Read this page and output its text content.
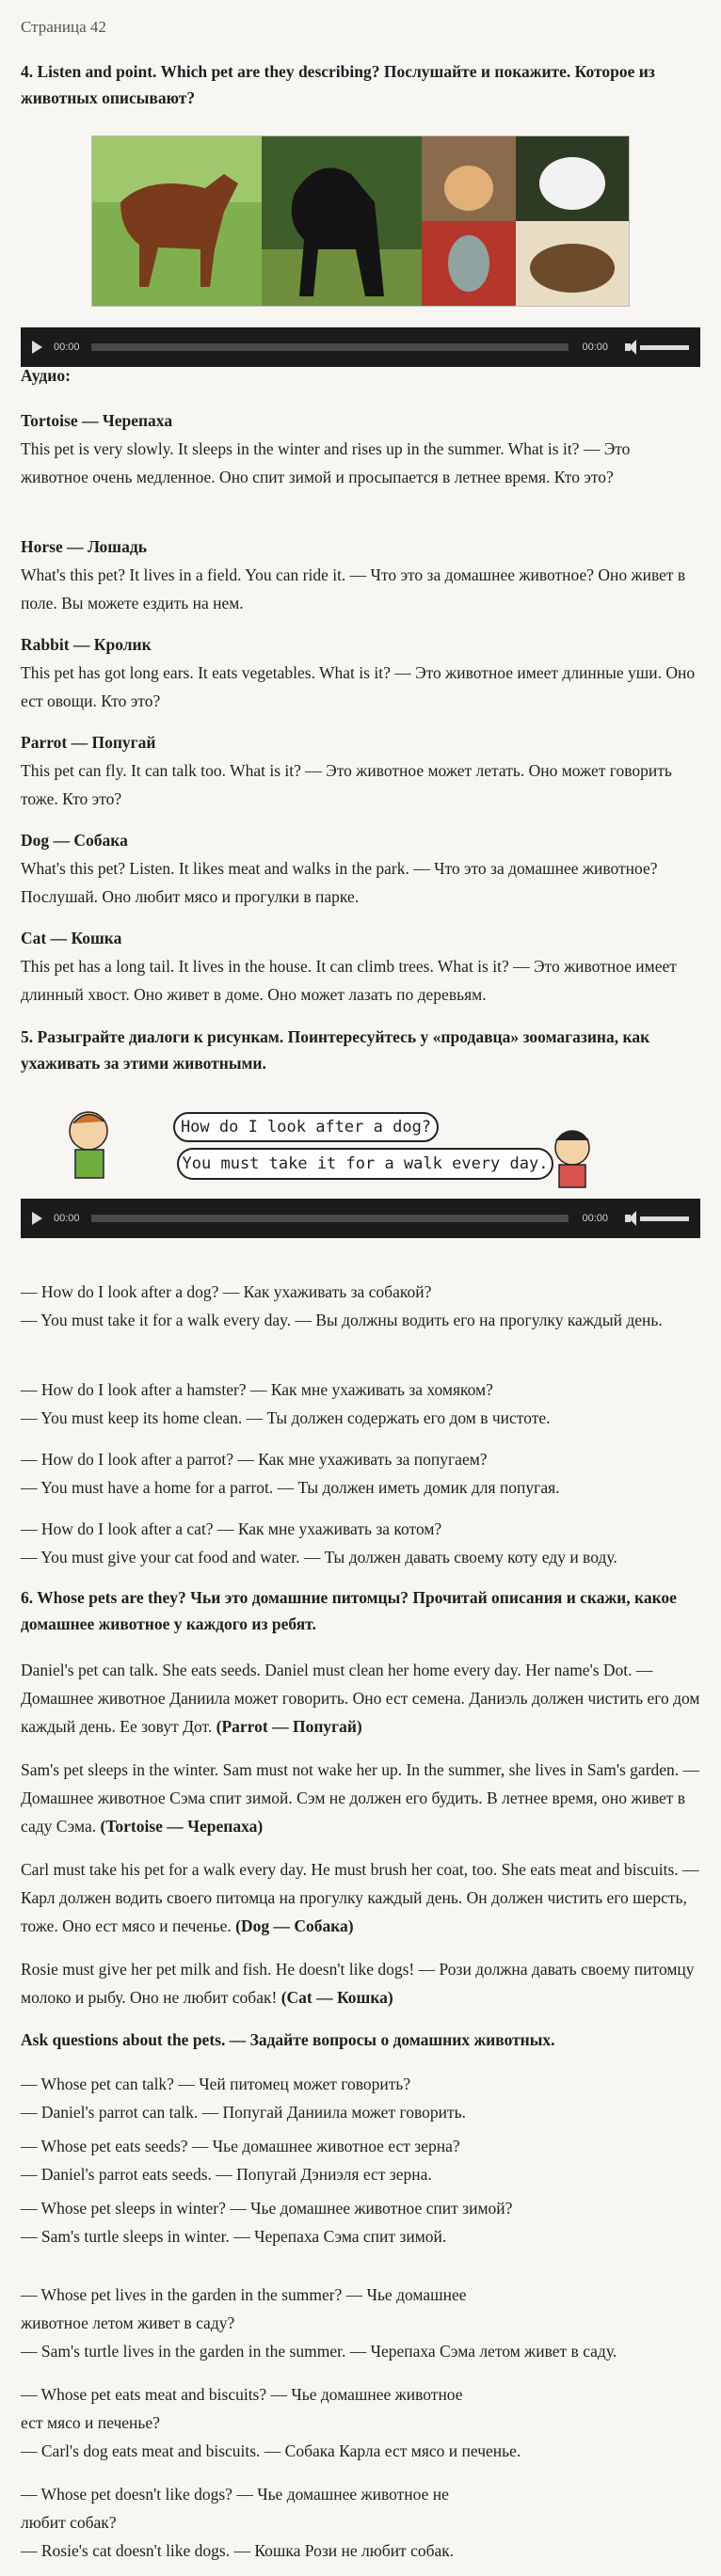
Страница 42
4. Listen and point. Which pet are they describing? Послушайте и покажите. Которое из животных описывают?
00:00	00:00

Аудио:

Tortoise — Черепаха

This pet is very slowly. It sleeps in the winter and rises up in the summer. What is it? — Это животное очень медленное. Оно спит зимой и просыпается в летнее время. Кто это?

Horse — Лошадь

What's this pet? It lives in a field. You can ride it. — Что это за домашнее животное? Оно живет в поле. Вы можете ездить на нем.

Rabbit — Кролик

This pet has got long ears. It eats vegetables. What is it? — Это животное имеет длинные уши. Оно ест овощи. Кто это?

Parrot — Попугай

This pet can fly. It can talk too. What is it? — Это животное может летать. Оно может говорить тоже. Кто это?

Dog — Собака

What's this pet? Listen. It likes meat and walks in the park. — Что это за домашнее животное? Послушай. Оно любит мясо и прогулки в парке.

Cat — Кошка

This pet has a long tail. It lives in the house. It can climb trees. What is it? — Это животное имеет длинный хвост. Оно живет в доме. Оно может лазать по деревьям.

5. Разыграйте диалоги к рисункам. Поинтересуйтесь у «продавца» зоомагазина, как ухаживать за этими животными.
How do I look after a dog?
You must take it for a walk every day.
00:00	00:00

— How do I look after a dog? — Как ухаживать за собакой?

— You must take it for a walk every day. — Вы должны водить его на прогулку каждый день.

— How do I look after a hamster? — Как мне ухаживать за хомяком?

— You must keep its home clean. — Ты должен содержать его дом в чистоте.

— How do I look after a parrot? — Как мне ухаживать за попугаем?

— You must have a home for a parrot. — Ты должен иметь домик для попугая.

— How do I look after a cat? — Как мне ухаживать за котом?

— You must give your cat food and water. — Ты должен давать своему коту еду и воду.

6. Whose pets are they? Чьи это домашние питомцы? Прочитай описания и скажи, какое домашнее животное у каждого из ребят.

Daniel's pet can talk. She eats seeds. Daniel must clean her home every day. Her name's Dot. — Домашнее животное Даниила может говорить. Оно ест семена. Даниэль должен чистить его дом каждый день. Ее зовут Дот. (Parrot — Попугай)

Sam's pet sleeps in the winter. Sam must not wake her up. In the summer, she lives in Sam's garden. — Домашнее животное Сэма спит зимой. Сэм не должен его будить. В летнее время, оно живет в саду Сэма. (Tortoise — Черепаха)

Carl must take his pet for a walk every day. He must brush her coat, too. She eats meat and biscuits. — Карл должен водить своего питомца на прогулку каждый день. Он должен чистить его шерсть, тоже. Оно ест мясо и печенье. (Dog — Собака)

Rosie must give her pet milk and fish. He doesn't like dogs! — Рози должна давать своему питомцу молоко и рыбу. Оно не любит собак! (Cat — Кошка)

Ask questions about the pets. — Задайте вопросы о домашних животных.

— Whose pet can talk? — Чей питомец может говорить?

— Daniel's parrot can talk. — Попугай Даниила может говорить.

— Whose pet eats seeds? — Чье домашнее животное ест зерна?

— Daniel's parrot eats seeds. — Попугай Дэниэля ест зерна.

— Whose pet sleeps in winter? — Чье домашнее животное спит зимой?

— Sam's turtle sleeps in winter. — Черепаха Сэма спит зимой.

— Whose pet lives in the garden in the summer? — Чье домашнее

животное летом живет в саду?

— Sam's turtle lives in the garden in the summer. — Черепаха Сэма летом живет в саду.

— Whose pet eats meat and biscuits? — Чье домашнее животное

ест мясо и печенье?

— Carl's dog eats meat and biscuits. — Собака Карла ест мясо и печенье.

— Whose pet doesn't like dogs? — Чье домашнее животное не

любит собак?

— Rosie's cat doesn't like dogs. — Кошка Рози не любит собак.
